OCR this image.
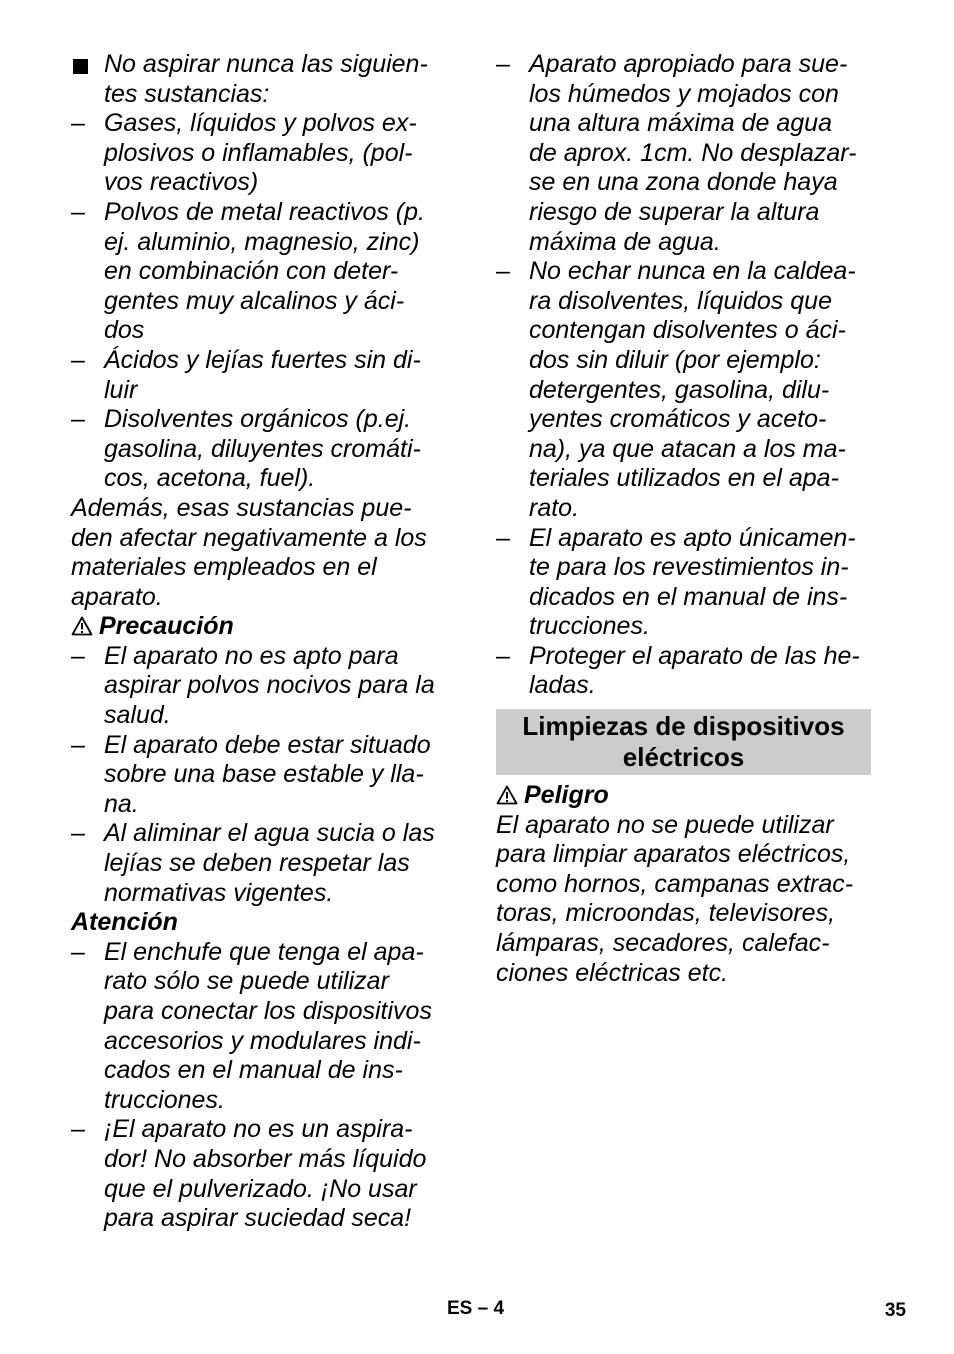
No aspirar nunca las siguien-
tes sustancias:
– Gases, líquidos y polvos ex-
plosivos o inflamables, (pol-
vos reactivos)
– Polvos de metal reactivos (p.
ej. aluminio, magnesio, zinc)
en combinación con deter-
gentes muy alcalinos y áci-
dos
– Ácidos y lejías fuertes sin di-
luir
– Disolventes orgánicos (p.ej.
gasolina, diluyentes cromáti-
cos, acetona, fuel).
Además, esas sustancias pue-
den afectar negativamente a los
materiales empleados en el
aparato.
Precaución
– El aparato no es apto para
aspirar polvos nocivos para la
salud.
– El aparato debe estar situado
sobre una base estable y lla-
na.
– Al aliminar el agua sucia o las
lejías se deben respetar las
normativas vigentes.
Atención
– El enchufe que tenga el apa-
rato sólo se puede utilizar
para conectar los dispositivos
accesorios y modulares indi-
cados en el manual de ins-
trucciones.
– ¡El aparato no es un aspira-
dor! No absorber más líquido
que el pulverizado. ¡No usar
para aspirar suciedad seca!
– Aparato apropiado para sue-
los húmedos y mojados con
una altura máxima de agua
de aprox. 1cm. No desplazar-
se en una zona donde haya
riesgo de superar la altura
máxima de agua.
– No echar nunca en la caldea-
ra disolventes, líquidos que
contengan disolventes o áci-
dos sin diluir (por ejemplo:
detergentes, gasolina, dilu-
yentes cromáticos y aceto-
na), ya que atacan a los ma-
teriales utilizados en el apa-
rato.
– El aparato es apto únicamen-
te para los revestimientos in-
dicados en el manual de ins-
trucciones.
– Proteger el aparato de las he-
ladas.
Limpiezas de dispositivos
eléctricos
Peligro
El aparato no se puede utilizar
para limpiar aparatos eléctricos,
como hornos, campanas extrac-
toras, microondas, televisores,
lámparas, secadores, calefac-
ciones eléctricas etc.
ES – 4	35
